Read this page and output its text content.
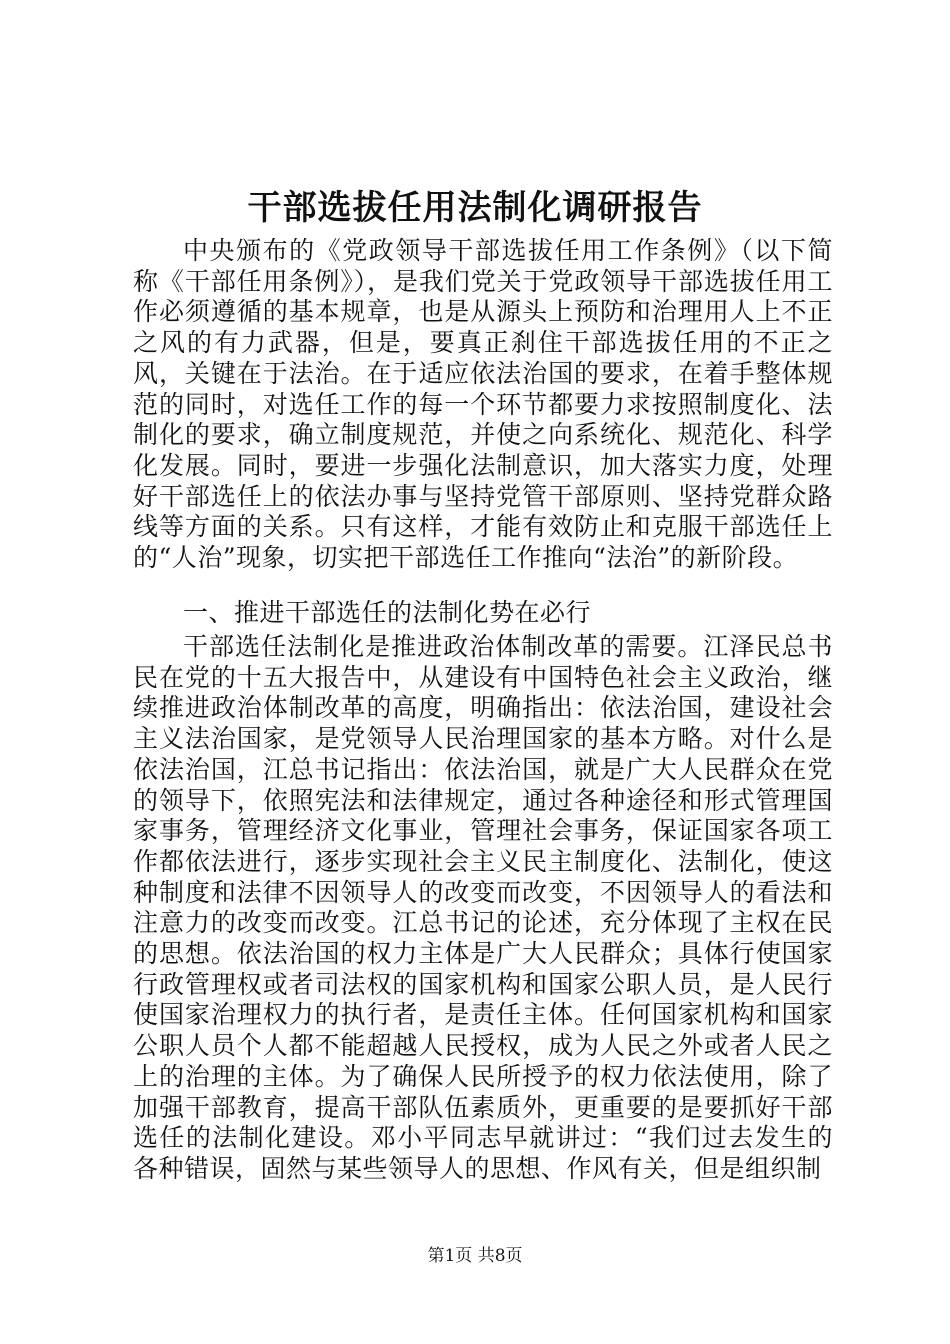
干部选拔任用法制化调研报告

中央颁布的《党政领导干部选拔任用工作条例》（以下简称《干部任用条例》），是我们党关于党政领导干部选拔任用工作必须遵循的基本规章，也是从源头上预防和治理用人上不正之风的有力武器，但是，要真正刹住干部选拔任用的不正之风，关键在于法治。在于适应依法治国的要求，在着手整体规范的同时，对选任工作的每一个环节都要力求按照制度化、法制化的要求，确立制度规范，并使之向系统化、规范化、科学化发展。同时，要进一步强化法制意识，加大落实力度，处理好干部选任上的依法办事与坚持党管干部原则、坚持党群众路线等方面的关系。只有这样，才能有效防止和克服干部选任上的“人治”现象，切实把干部选任工作推向“法治”的新阶段。

一、推进干部选任的法制化势在必行

干部选任法制化是推进政治体制改革的需要。江泽民总书民在党的十五大报告中，从建设有中国特色社会主义政治，继续推进政治体制改革的高度，明确指出：依法治国，建设社会主义法治国家，是党领导人民治理国家的基本方略。对什么是依法治国，江总书记指出：依法治国，就是广大人民群众在党的领导下，依照宪法和法律规定，通过各种途径和形式管理国家事务，管理经济文化事业，管理社会事务，保证国家各项工作都依法进行，逐步实现社会主义民主制度化、法制化，使这种制度和法律不因领导人的改变而改变，不因领导人的看法和注意力的改变而改变。江总书记的论述，充分体现了主权在民的思想。依法治国的权力主体是广大人民群众；具体行使国家行政管理权或者司法权的国家机构和国家公职人员，是人民行使国家治理权力的执行者，是责任主体。任何国家机构和国家公职人员个人都不能超越人民授权，成为人民之外或者人民之上的治理的主体。为了确保人民所授予的权力依法使用，除了加强干部教育，提高干部队伍素质外，更重要的是要抓好干部选任的法制化建设。邓小平同志早就讲过：“我们过去发生的各种错误，固然与某些领导人的思想、作风有关，但是组织制

第1页 共8页
